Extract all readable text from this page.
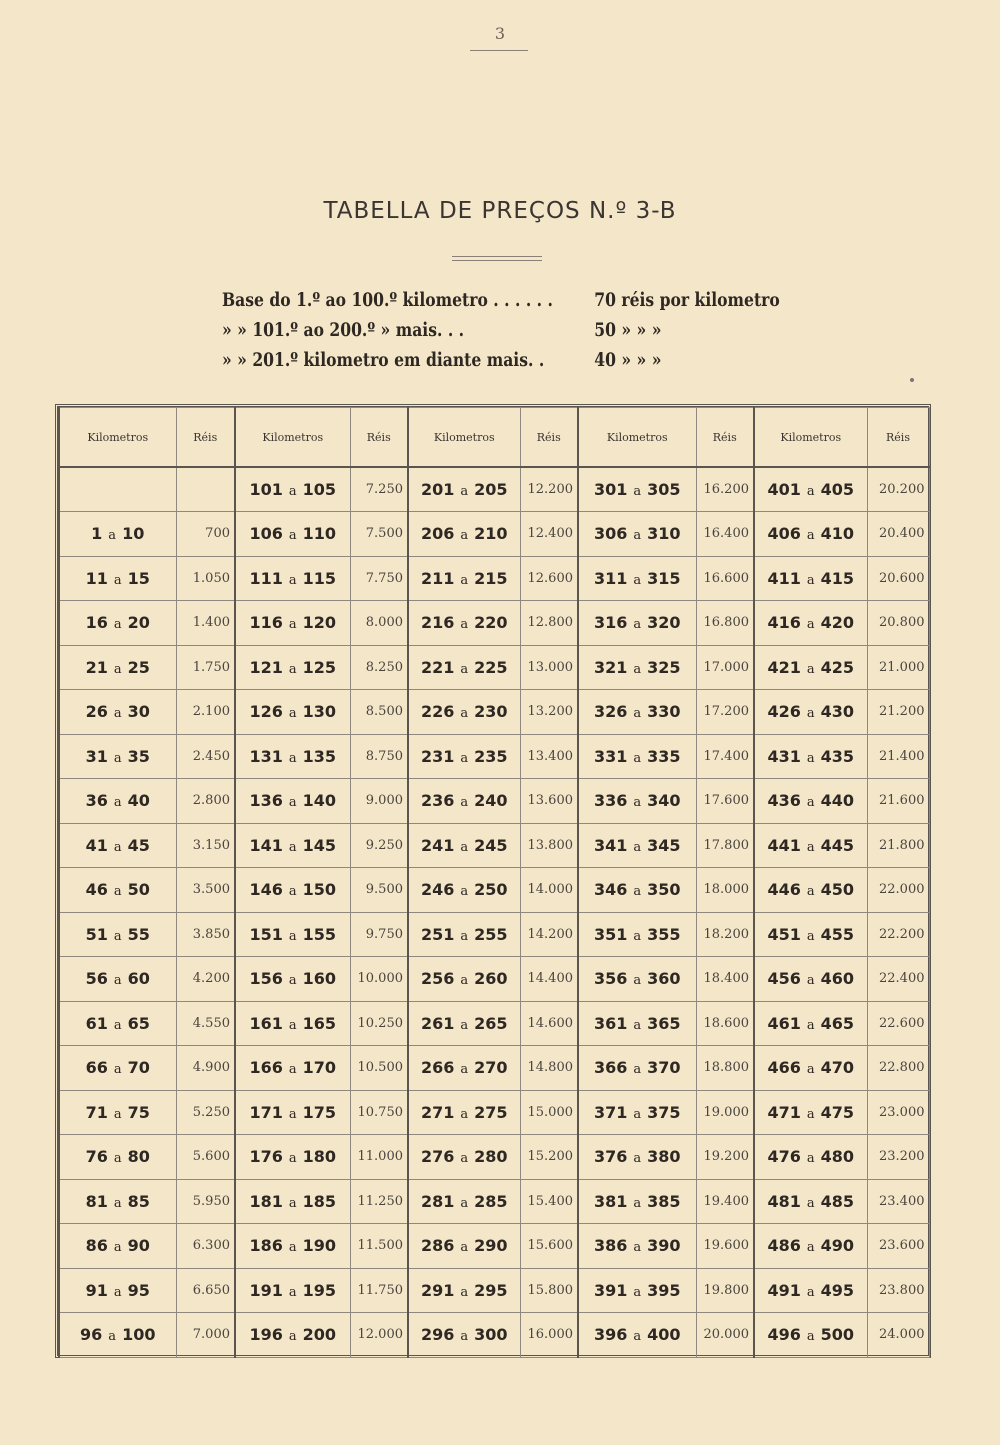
3
TABELLA DE PREÇOS N.º 3-B
Base do 1.º ao 100.º kilometro . . . . . . 70 réis por kilometro
» » 101.º ao 200.º » mais. . .	50 » » »
» » 201.º kilometro em diante mais. .	40 » » »
Kilometros	Réis	Kilometros	Réis	Kilometros	Réis	Kilometros	Réis	Kilometros	Réis
		101 a 105	7.250	201 a 205	12.200	301 a 305	16.200	401 a 405	20.200
1 a 10	700	106 a 110	7.500	206 a 210	12.400	306 a 310	16.400	406 a 410	20.400
11 a 15	1.050	111 a 115	7.750	211 a 215	12.600	311 a 315	16.600	411 a 415	20.600
16 a 20	1.400	116 a 120	8.000	216 a 220	12.800	316 a 320	16.800	416 a 420	20.800
21 a 25	1.750	121 a 125	8.250	221 a 225	13.000	321 a 325	17.000	421 a 425	21.000
26 a 30	2.100	126 a 130	8.500	226 a 230	13.200	326 a 330	17.200	426 a 430	21.200
31 a 35	2.450	131 a 135	8.750	231 a 235	13.400	331 a 335	17.400	431 a 435	21.400
36 a 40	2.800	136 a 140	9.000	236 a 240	13.600	336 a 340	17.600	436 a 440	21.600
41 a 45	3.150	141 a 145	9.250	241 a 245	13.800	341 a 345	17.800	441 a 445	21.800
46 a 50	3.500	146 a 150	9.500	246 a 250	14.000	346 a 350	18.000	446 a 450	22.000
51 a 55	3.850	151 a 155	9.750	251 a 255	14.200	351 a 355	18.200	451 a 455	22.200
56 a 60	4.200	156 a 160	10.000	256 a 260	14.400	356 a 360	18.400	456 a 460	22.400
61 a 65	4.550	161 a 165	10.250	261 a 265	14.600	361 a 365	18.600	461 a 465	22.600
66 a 70	4.900	166 a 170	10.500	266 a 270	14.800	366 a 370	18.800	466 a 470	22.800
71 a 75	5.250	171 a 175	10.750	271 a 275	15.000	371 a 375	19.000	471 a 475	23.000
76 a 80	5.600	176 a 180	11.000	276 a 280	15.200	376 a 380	19.200	476 a 480	23.200
81 a 85	5.950	181 a 185	11.250	281 a 285	15.400	381 a 385	19.400	481 a 485	23.400
86 a 90	6.300	186 a 190	11.500	286 a 290	15.600	386 a 390	19.600	486 a 490	23.600
91 a 95	6.650	191 a 195	11.750	291 a 295	15.800	391 a 395	19.800	491 a 495	23.800
96 a 100	7.000	196 a 200	12.000	296 a 300	16.000	396 a 400	20.000	496 a 500	24.000
